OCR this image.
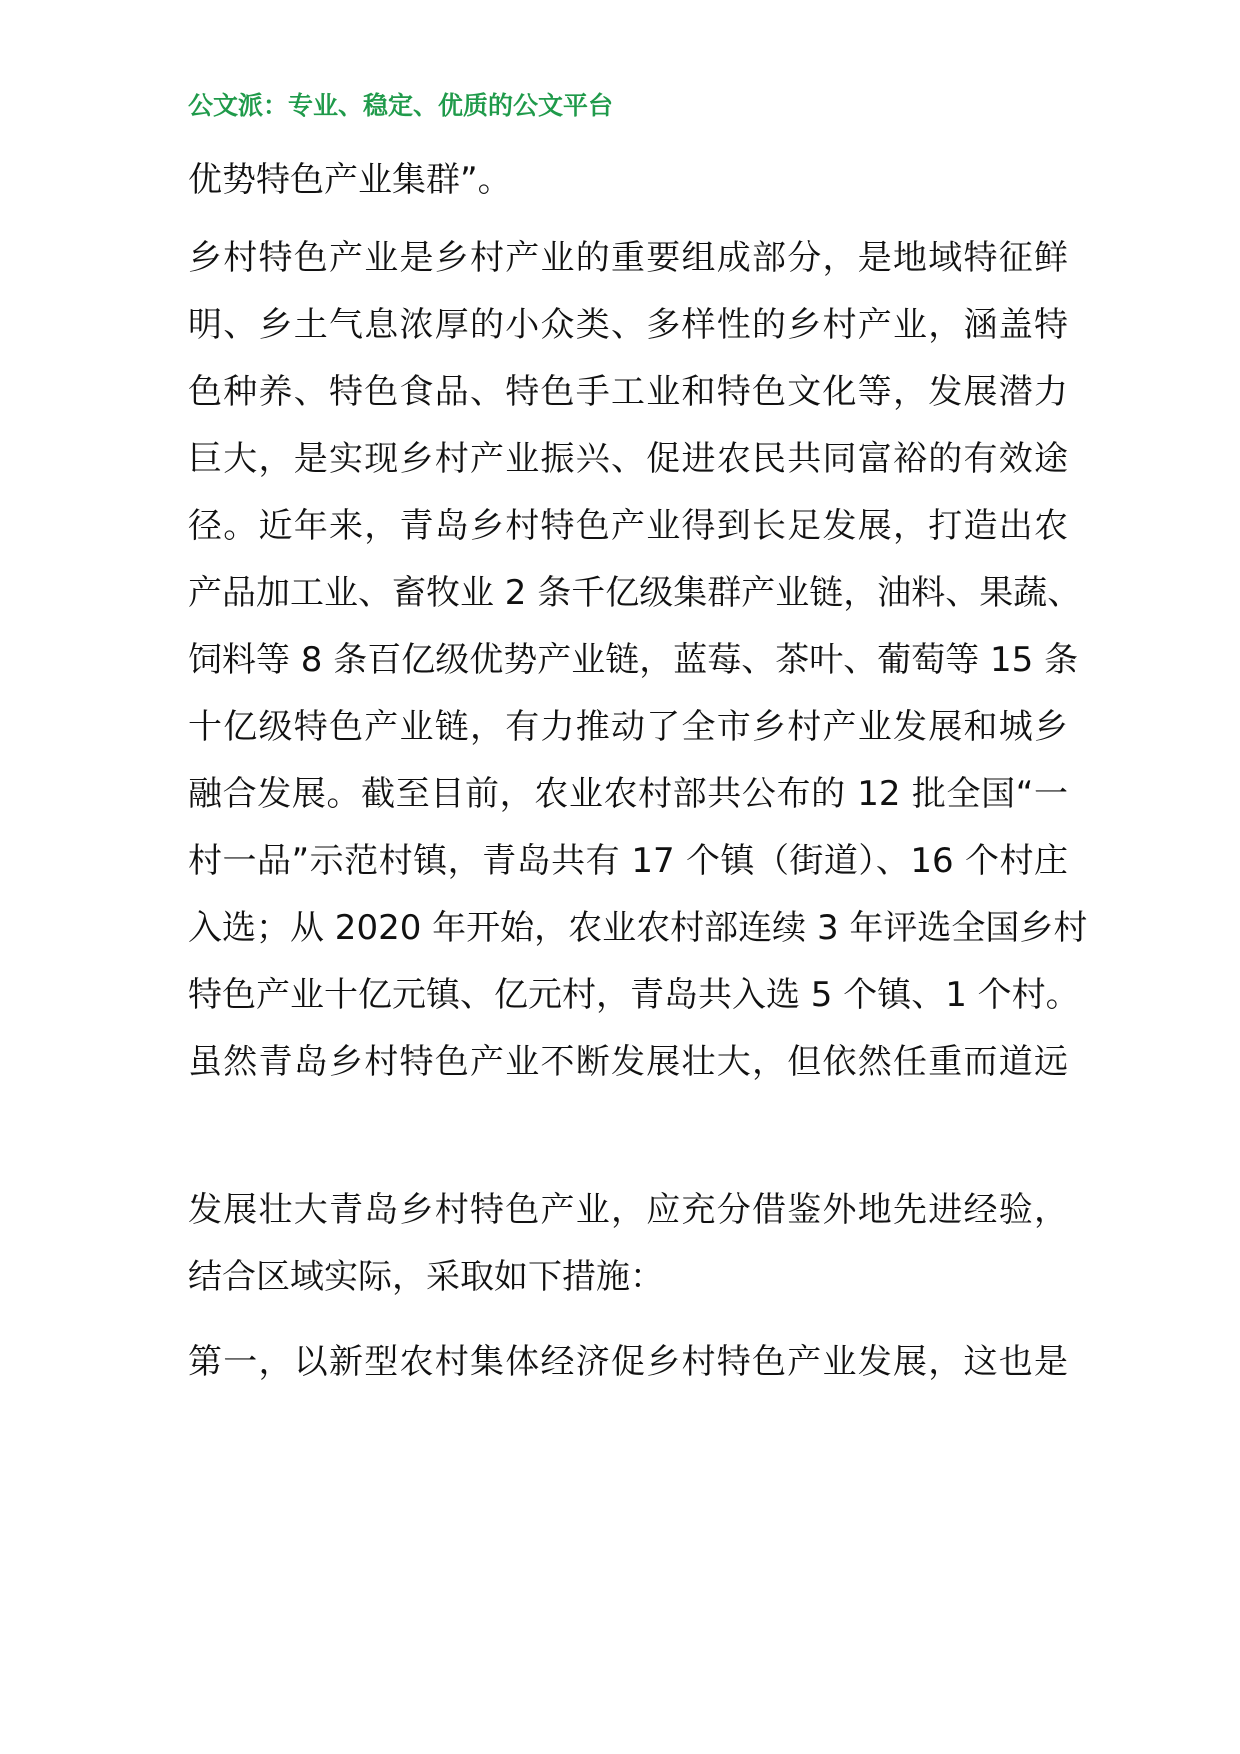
公文派：专业、稳定、优质的公文平台
优势特色产业集群”。
乡村特色产业是乡村产业的重要组成部分，是地域特征鲜
明、乡土气息浓厚的小众类、多样性的乡村产业，涵盖特
色种养、特色食品、特色手工业和特色文化等，发展潜力
巨大，是实现乡村产业振兴、促进农民共同富裕的有效途
径。近年来，青岛乡村特色产业得到长足发展，打造出农
产品加工业、畜牧业 2 条千亿级集群产业链，油料、果蔬、
饲料等 8 条百亿级优势产业链，蓝莓、茶叶、葡萄等 15 条
十亿级特色产业链，有力推动了全市乡村产业发展和城乡
融合发展。截至目前，农业农村部共公布的 12 批全国“一
村一品”示范村镇，青岛共有 17 个镇（街道）、16 个村庄
入选；从 2020 年开始，农业农村部连续 3 年评选全国乡村
特色产业十亿元镇、亿元村，青岛共入选 5 个镇、1 个村。
虽然青岛乡村特色产业不断发展壮大，但依然任重而道远
发展壮大青岛乡村特色产业，应充分借鉴外地先进经验，
结合区域实际，采取如下措施：
第一，以新型农村集体经济促乡村特色产业发展，这也是
